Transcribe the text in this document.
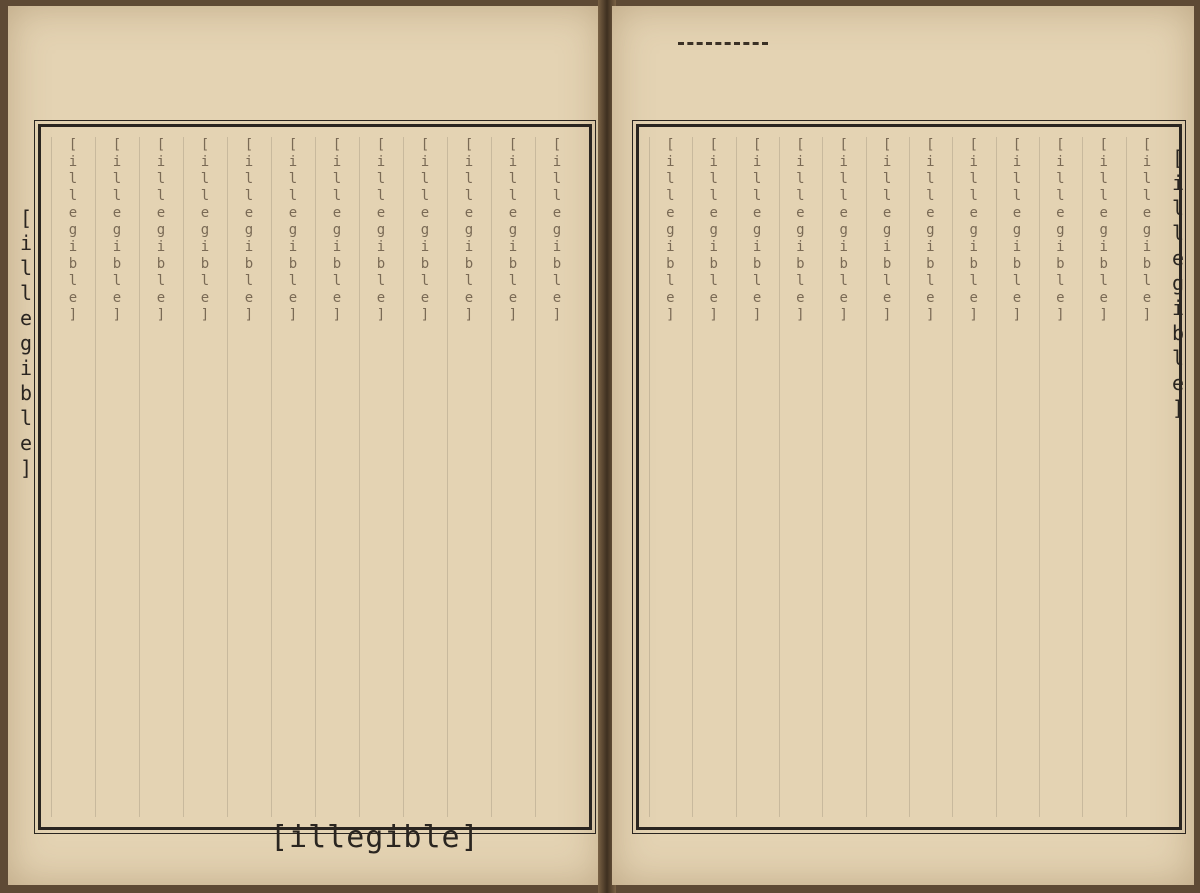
[illegible]	[illegible]
[illegible]
[illegible]
[illegible]
[illegible]
[illegible]
[illegible]
[illegible]
[illegible]
[illegible]
[illegible]
[illegible]
[illegible]
[illegible]
[illegible]
[illegible]
[illegible]
[illegible]
[illegible]
[illegible]
[illegible]
[illegible]
[illegible]
[illegible]
[illegible]
[illegible]
